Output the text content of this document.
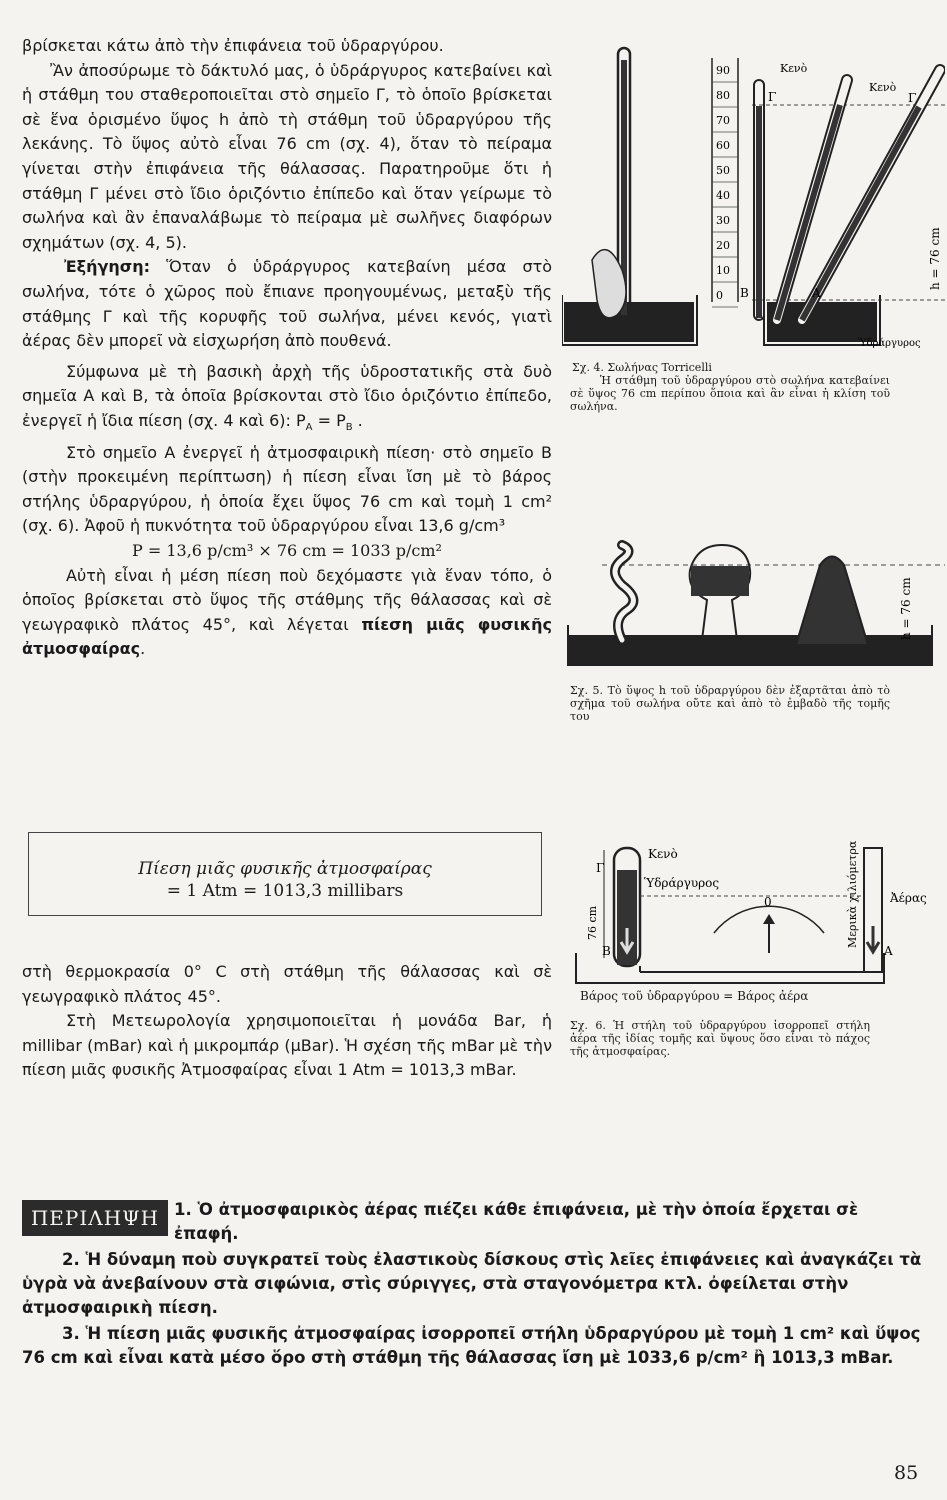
βρίσκεται κάτω ἀπὸ τὴν ἐπιφάνεια τοῦ ὑδραργύρου.

Ἂν ἀποσύρωμε τὸ δάκτυλό μας, ὁ ὑδράργυρος κατεβαίνει καὶ ἡ στάθμη του σταθεροποιεῖται στὸ σημεῖο Γ, τὸ ὁποῖο βρίσκεται σὲ ἕνα ὁρισμένο ὕψος h ἀπὸ τὴ στάθμη τοῦ ὑδραργύρου τῆς λεκάνης. Τὸ ὕψος αὐτὸ εἶναι 76 cm (σχ. 4), ὅταν τὸ πείραμα γίνεται στὴν ἐπιφάνεια τῆς θάλασσας. Παρατηροῦμε ὅτι ἡ στάθμη Γ μένει στὸ ἴδιο ὁριζόντιο ἐπίπεδο καὶ ὅταν γείρωμε τὸ σωλήνα καὶ ἂν ἐπαναλάβωμε τὸ πείραμα μὲ σωλῆνες διαφόρων σχημάτων (σχ. 4, 5).

Ἐξήγηση: Ὅταν ὁ ὑδράργυρος κατεβαίνη μέσα στὸ σωλήνα, τότε ὁ χῶρος ποὺ ἔπιανε προηγουμένως, μεταξὺ τῆς στάθμης Γ καὶ τῆς κορυφῆς τοῦ σωλήνα, μένει κενός, γιατὶ ἀέρας δὲν μπορεῖ νὰ εἰσχωρήση ἀπὸ πουθενά.

Σύμφωνα μὲ τὴ βασικὴ ἀρχὴ τῆς ὑδροστατικῆς στὰ δυὸ σημεῖα Α καὶ Β, τὰ ὁποῖα βρίσκονται στὸ ἴδιο ὁριζόντιο ἐπίπεδο, ἐνεργεῖ ἡ ἴδια πίεση (σχ. 4 καὶ 6): $P_A = P_B$ .

Στὸ σημεῖο Α ἐνεργεῖ ἡ ἀτμοσφαιρικὴ πίεση· στὸ σημεῖο Β (στὴν προκειμένη περίπτωση) ἡ πίεση εἶναι ἴση μὲ τὸ βάρος στήλης ὑδραργύρου, ἡ ὁποία ἔχει ὕψος 76 cm καὶ τομὴ 1 cm² (σχ. 6). Ἀφοῦ ἡ πυκνότητα τοῦ ὑδραργύρου εἶναι 13,6 g/cm³

P = 13,6 p/cm³ × 76 cm = 1033 p/cm²

Αὐτὴ εἶναι ἡ μέση πίεση ποὺ δεχόμαστε γιὰ ἕναν τόπο, ὁ ὁποῖος βρίσκεται στὸ ὕψος τῆς στάθμης τῆς θάλασσας καὶ σὲ γεωγραφικὸ πλάτος 45°, καὶ λέγεται πίεση μιᾶς φυσικῆς ἀτμοσφαίρας.

Πίεση μιᾶς φυσικῆς ἀτμοσφαίρας
= 1 Atm = 1013,3 millibars

στὴ θερμοκρασία 0° C στὴ στάθμη τῆς θάλασσας καὶ σὲ γεωγραφικὸ πλάτος 45°.

Στὴ Μετεωρολογία χρησιμοποιεῖται ἡ μονάδα Bar, ἡ millibar (mBar) καὶ ἡ μικρομπάρ (μBar). Ἡ σχέση τῆς mBar μὲ τὴν πίεση μιᾶς φυσικῆς Ἀτμοσφαίρας εἶναι 1 Atm = 1013,3 mBar.

90
80
70
60
50
40
30
20
10
0
Κενὸ
Κενὸ
Γ	Γ
B	A
Ὑδράργυρος
h = 76 cm
Σχ. 4. Σωλήνας Torricelli
Ἡ στάθμη τοῦ ὑδραργύρου στὸ σωλήνα κατεβαίνει σὲ ὕψος 76 cm περίπου ὅποια καὶ ἂν εἶναι ἡ κλίση τοῦ σωλήνα.
h = 76 cm
Σχ. 5. Τὸ ὕψος h τοῦ ὑδραργύρου δὲν ἐξαρτᾶται ἀπὸ τὸ σχῆμα τοῦ σωλήνα οὔτε καὶ ἀπὸ τὸ ἐμβαδὸ τῆς τομῆς του
Κενὸ
Ὑδράργυρος
Γ
0
B	A
76 cm	Μερικὰ χιλιόμετρα	Ἀέρας
Βάρος τοῦ ὑδραργύρου = Βάρος ἀέρα
Σχ. 6. Ἡ στήλη τοῦ ὑδραργύρου ἰσορροπεῖ στήλη ἀέρα τῆς ἰδίας τομῆς καὶ ὕψους ὅσο εἶναι τὸ πάχος τῆς ἀτμοσφαίρας.
ΠΕΡΙΛΗΨΗ 1. Ὁ ἀτμοσφαιρικὸς ἀέρας πιέζει κάθε ἐπιφάνεια, μὲ τὴν ὁποία ἔρχεται σὲ ἐπαφή.

2. Ἡ δύναμη ποὺ συγκρατεῖ τοὺς ἐλαστικοὺς δίσκους στὶς λεῖες ἐπιφάνειες καὶ ἀναγκάζει τὰ ὑγρὰ νὰ ἀνεβαίνουν στὰ σιφώνια, στὶς σύριγγες, στὰ σταγονόμετρα κτλ. ὀφείλεται στὴν ἀτμοσφαιρικὴ πίεση.

3. Ἡ πίεση μιᾶς φυσικῆς ἀτμοσφαίρας ἰσορροπεῖ στήλη ὑδραργύρου μὲ τομὴ 1 cm² καὶ ὕψος 76 cm καὶ εἶναι κατὰ μέσο ὅρο στὴ στάθμη τῆς θάλασσας ἴση μὲ 1033,6 p/cm² ἢ 1013,3 mBar.

85
